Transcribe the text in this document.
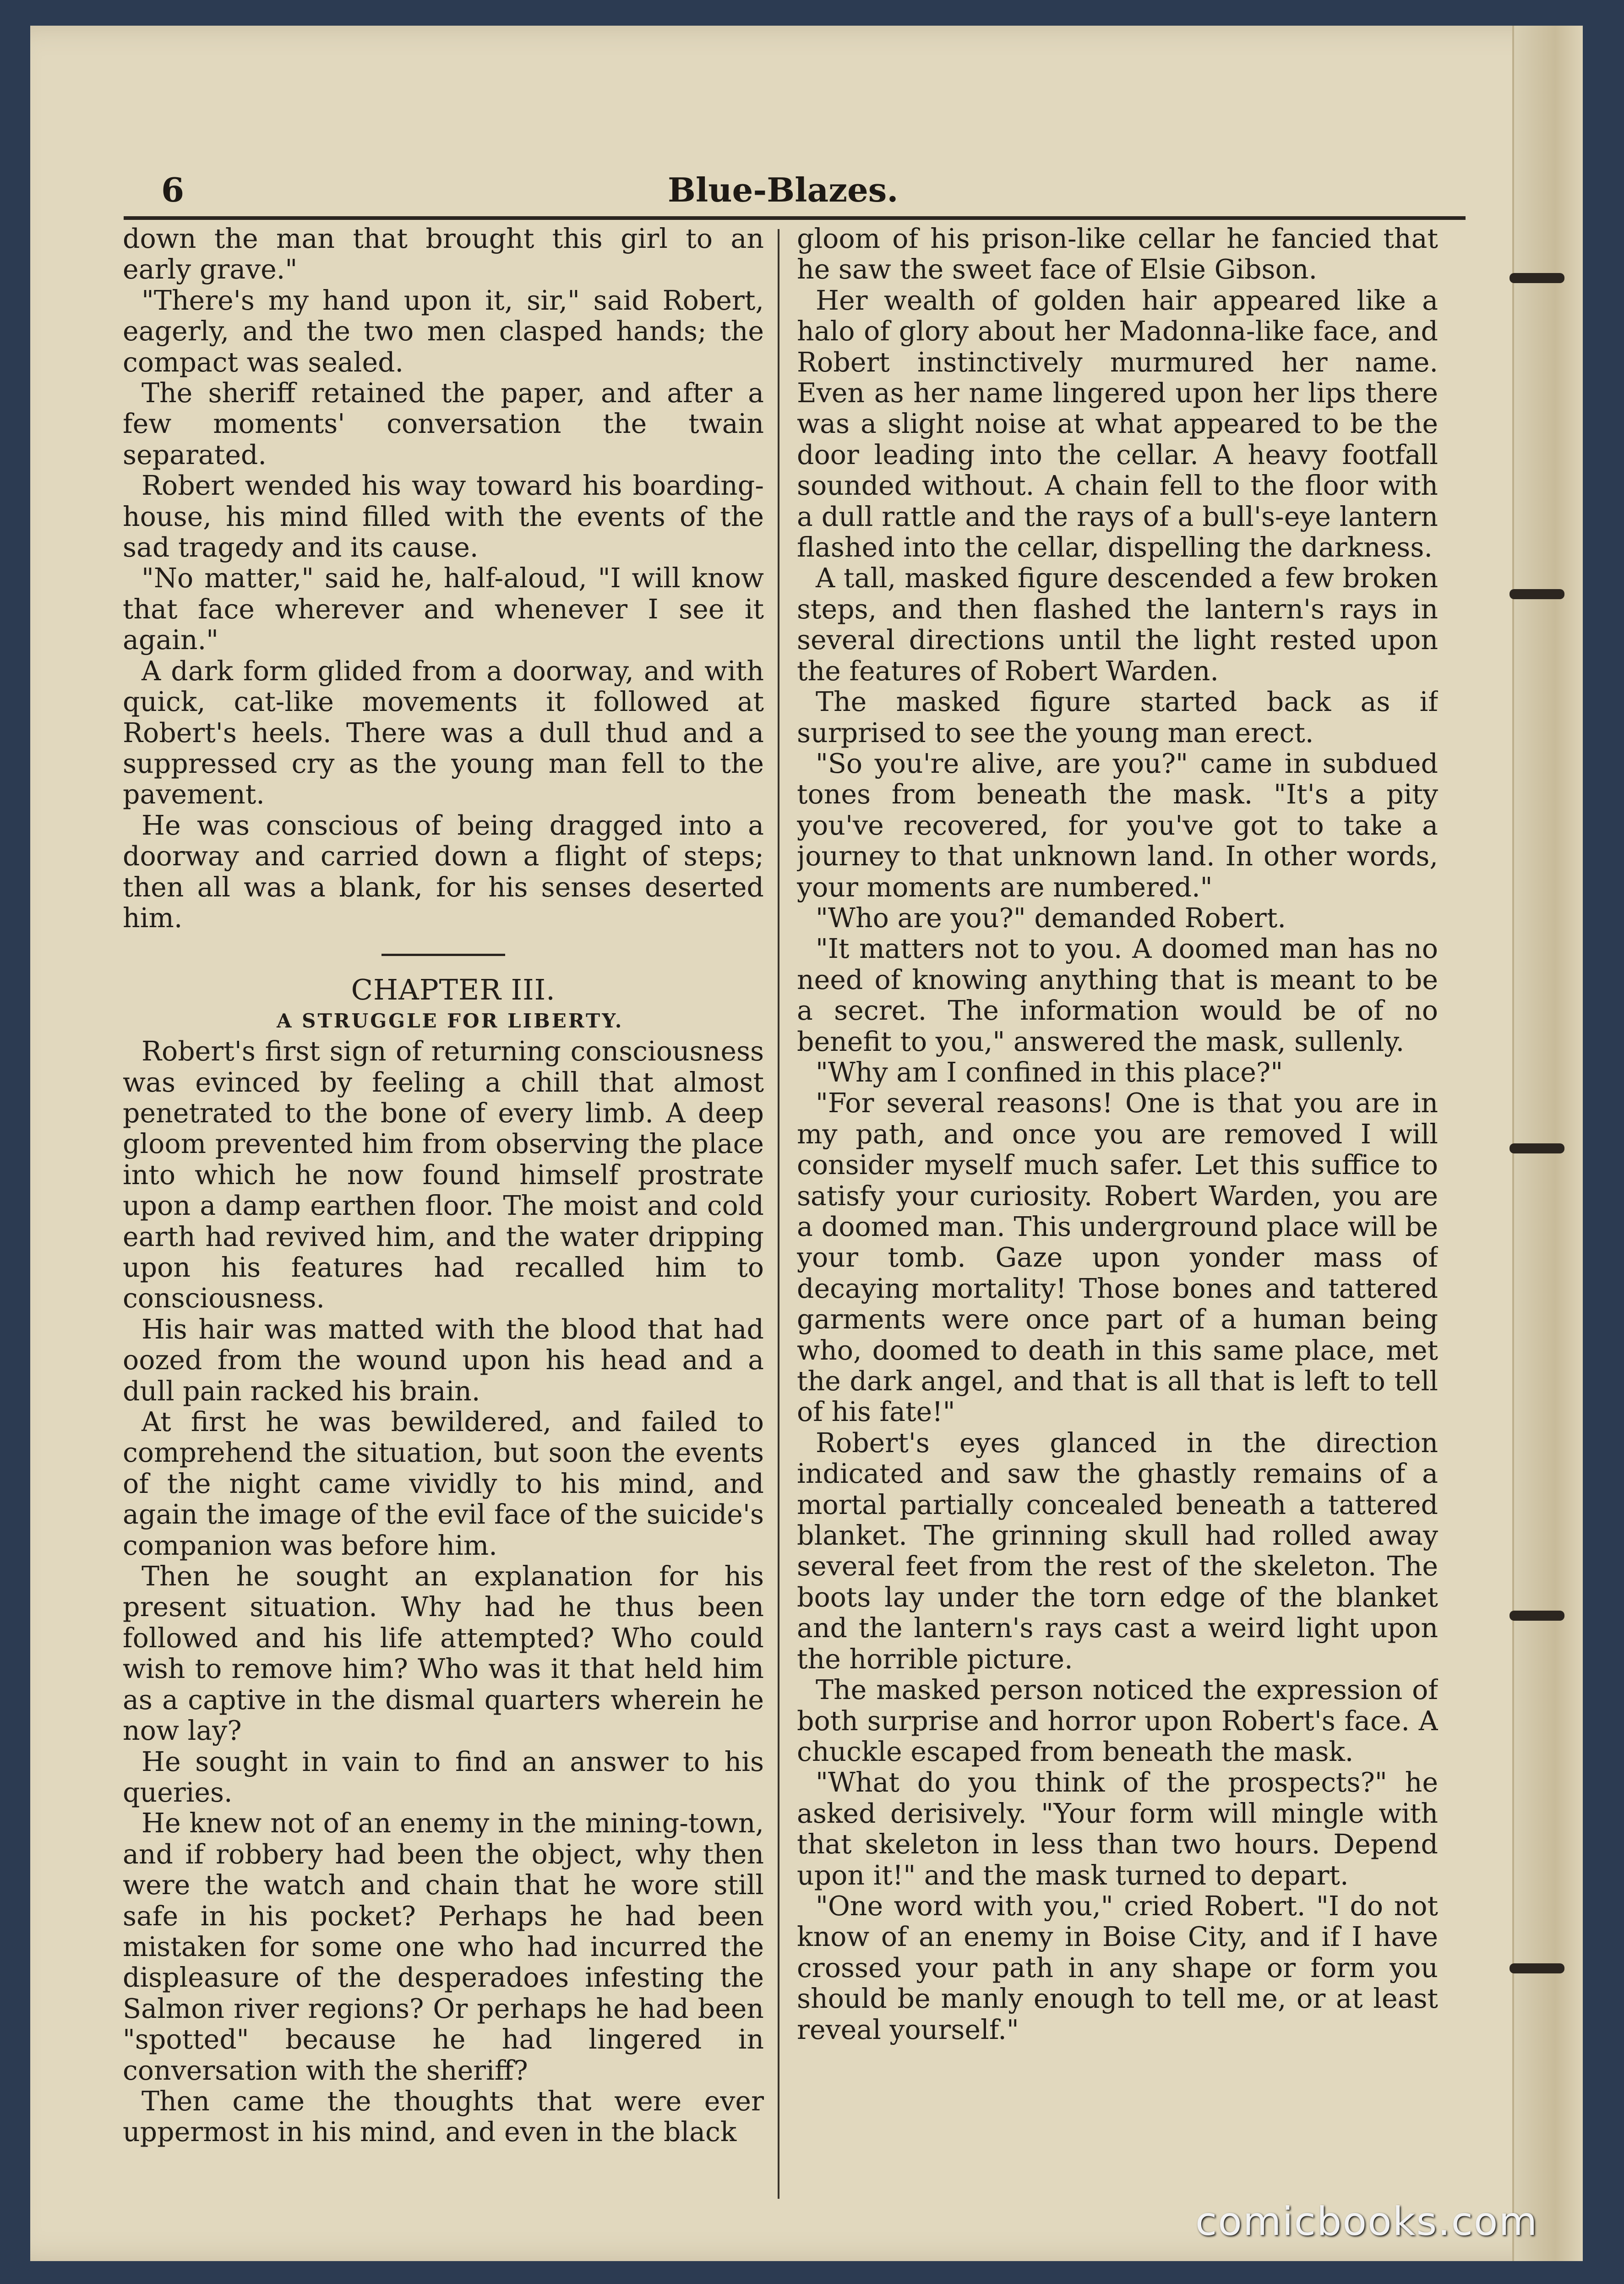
6	Blue-Blazes.

down the man that brought this girl to an early grave."

"There's my hand upon it, sir," said Robert, eagerly, and the two men clasped hands; the compact was sealed.

The sheriff retained the paper, and after a few moments' conversation the twain separated.

Robert wended his way toward his boarding-house, his mind filled with the events of the sad tragedy and its cause.

"No matter," said he, half-aloud, "I will know that face wherever and whenever I see it again."

A dark form glided from a doorway, and with quick, cat-like movements it followed at Robert's heels. There was a dull thud and a suppressed cry as the young man fell to the pavement.

He was conscious of being dragged into a doorway and carried down a flight of steps; then all was a blank, for his senses deserted him.

CHAPTER III.

A STRUGGLE FOR LIBERTY.

Robert's first sign of returning consciousness was evinced by feeling a chill that almost penetrated to the bone of every limb. A deep gloom prevented him from observing the place into which he now found himself prostrate upon a damp earthen floor. The moist and cold earth had revived him, and the water dripping upon his features had recalled him to consciousness.

His hair was matted with the blood that had oozed from the wound upon his head and a dull pain racked his brain.

At first he was bewildered, and failed to comprehend the situation, but soon the events of the night came vividly to his mind, and again the image of the evil face of the suicide's companion was before him.

Then he sought an explanation for his present situation. Why had he thus been followed and his life attempted? Who could wish to remove him? Who was it that held him as a captive in the dismal quarters wherein he now lay?

He sought in vain to find an answer to his queries.

He knew not of an enemy in the mining-town, and if robbery had been the object, why then were the watch and chain that he wore still safe in his pocket? Perhaps he had been mistaken for some one who had incurred the displeasure of the desperadoes infesting the Salmon river regions? Or perhaps he had been "spotted" because he had lingered in conversation with the sheriff?

Then came the thoughts that were ever uppermost in his mind, and even in the black

gloom of his prison-like cellar he fancied that he saw the sweet face of Elsie Gibson.

Her wealth of golden hair appeared like a halo of glory about her Madonna-like face, and Robert instinctively murmured her name. Even as her name lingered upon her lips there was a slight noise at what appeared to be the door leading into the cellar. A heavy footfall sounded without. A chain fell to the floor with a dull rattle and the rays of a bull's-eye lantern flashed into the cellar, dispelling the darkness.

A tall, masked figure descended a few broken steps, and then flashed the lantern's rays in several directions until the light rested upon the features of Robert Warden.

The masked figure started back as if surprised to see the young man erect.

"So you're alive, are you?" came in subdued tones from beneath the mask. "It's a pity you've recovered, for you've got to take a journey to that unknown land. In other words, your moments are numbered."

"Who are you?" demanded Robert.

"It matters not to you. A doomed man has no need of knowing anything that is meant to be a secret. The information would be of no benefit to you," answered the mask, sullenly.

"Why am I confined in this place?"

"For several reasons! One is that you are in my path, and once you are removed I will consider myself much safer. Let this suffice to satisfy your curiosity. Robert Warden, you are a doomed man. This underground place will be your tomb. Gaze upon yonder mass of decaying mortality! Those bones and tattered garments were once part of a human being who, doomed to death in this same place, met the dark angel, and that is all that is left to tell of his fate!"

Robert's eyes glanced in the direction indicated and saw the ghastly remains of a mortal partially concealed beneath a tattered blanket. The grinning skull had rolled away several feet from the rest of the skeleton. The boots lay under the torn edge of the blanket and the lantern's rays cast a weird light upon the horrible picture.

The masked person noticed the expression of both surprise and horror upon Robert's face. A chuckle escaped from beneath the mask.

"What do you think of the prospects?" he asked derisively. "Your form will mingle with that skeleton in less than two hours. Depend upon it!" and the mask turned to depart.

"One word with you," cried Robert. "I do not know of an enemy in Boise City, and if I have crossed your path in any shape or form you should be manly enough to tell me, or at least reveal yourself."

comicbooks.com
